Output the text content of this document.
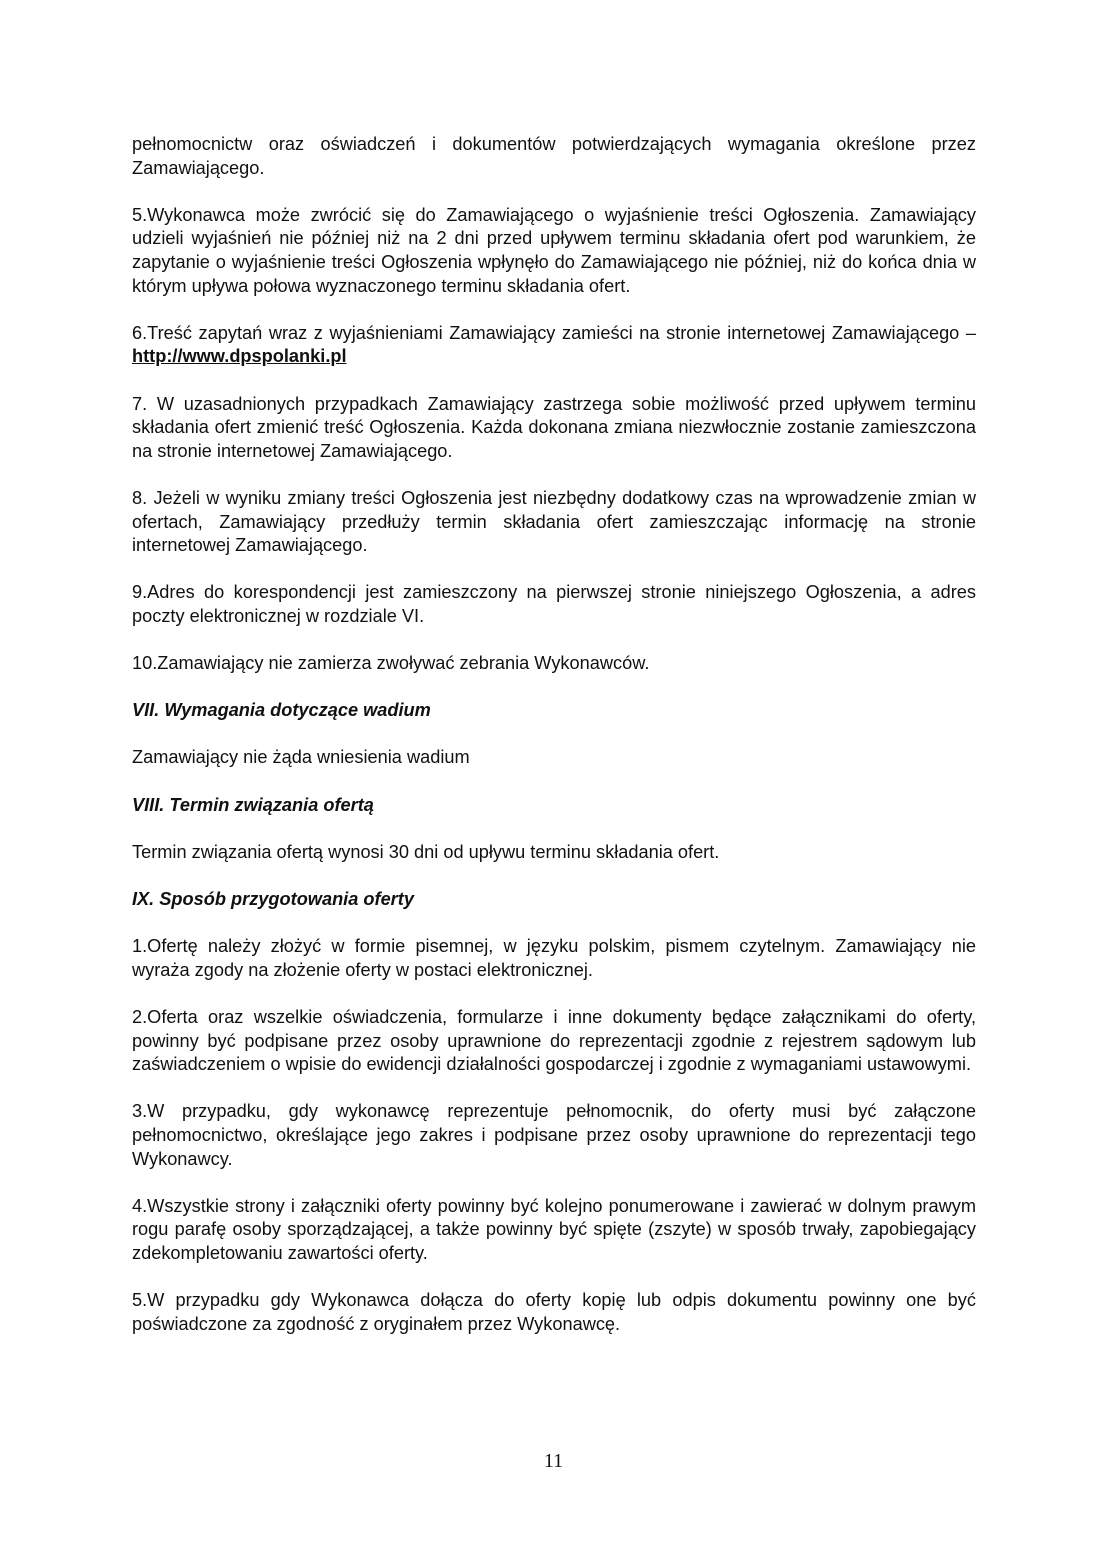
pełnomocnictw oraz oświadczeń i dokumentów potwierdzających wymagania określone przez Zamawiającego.

5.Wykonawca może zwrócić się do Zamawiającego o wyjaśnienie treści Ogłoszenia. Zamawiający udzieli wyjaśnień nie później niż na 2 dni przed upływem terminu składania ofert pod warunkiem, że zapytanie o wyjaśnienie treści Ogłoszenia wpłynęło do Zamawiającego nie później, niż do końca dnia w którym upływa połowa wyznaczonego terminu składania ofert.

6.Treść zapytań wraz z wyjaśnieniami Zamawiający zamieści na stronie internetowej Zamawiającego – http://www.dpspolanki.pl

7. W uzasadnionych przypadkach Zamawiający zastrzega sobie możliwość przed upływem terminu składania ofert zmienić treść Ogłoszenia. Każda dokonana zmiana niezwłocznie zostanie zamieszczona na stronie internetowej Zamawiającego.

8. Jeżeli w wyniku zmiany treści Ogłoszenia jest niezbędny dodatkowy czas na wprowadzenie zmian w ofertach, Zamawiający przedłuży termin składania ofert zamieszczając informację na stronie internetowej Zamawiającego.

9.Adres do korespondencji jest zamieszczony na pierwszej stronie niniejszego Ogłoszenia, a adres poczty elektronicznej w rozdziale VI.

10.Zamawiający nie zamierza zwoływać zebrania Wykonawców.

VII. Wymagania dotyczące wadium

Zamawiający nie żąda wniesienia wadium

VIII. Termin związania ofertą

Termin związania ofertą wynosi 30 dni od upływu terminu składania ofert.

IX. Sposób przygotowania oferty

1.Ofertę należy złożyć w formie pisemnej, w języku polskim, pismem czytelnym. Zamawiający nie wyraża zgody na złożenie oferty w postaci elektronicznej.

2.Oferta oraz wszelkie oświadczenia, formularze i inne dokumenty będące załącznikami do oferty, powinny być podpisane przez osoby uprawnione do reprezentacji zgodnie z rejestrem sądowym lub zaświadczeniem o wpisie do ewidencji działalności gospodarczej i zgodnie z wymaganiami ustawowymi.

3.W przypadku, gdy wykonawcę reprezentuje pełnomocnik, do oferty musi być załączone pełnomocnictwo, określające jego zakres i podpisane przez osoby uprawnione do reprezentacji tego Wykonawcy.

4.Wszystkie strony i załączniki oferty powinny być kolejno ponumerowane i zawierać w dolnym prawym rogu parafę osoby sporządzającej, a także powinny być spięte (zszyte) w sposób trwały, zapobiegający zdekompletowaniu zawartości oferty.

5.W przypadku gdy Wykonawca dołącza do oferty kopię lub odpis dokumentu powinny one być poświadczone za zgodność z oryginałem przez Wykonawcę.

11
